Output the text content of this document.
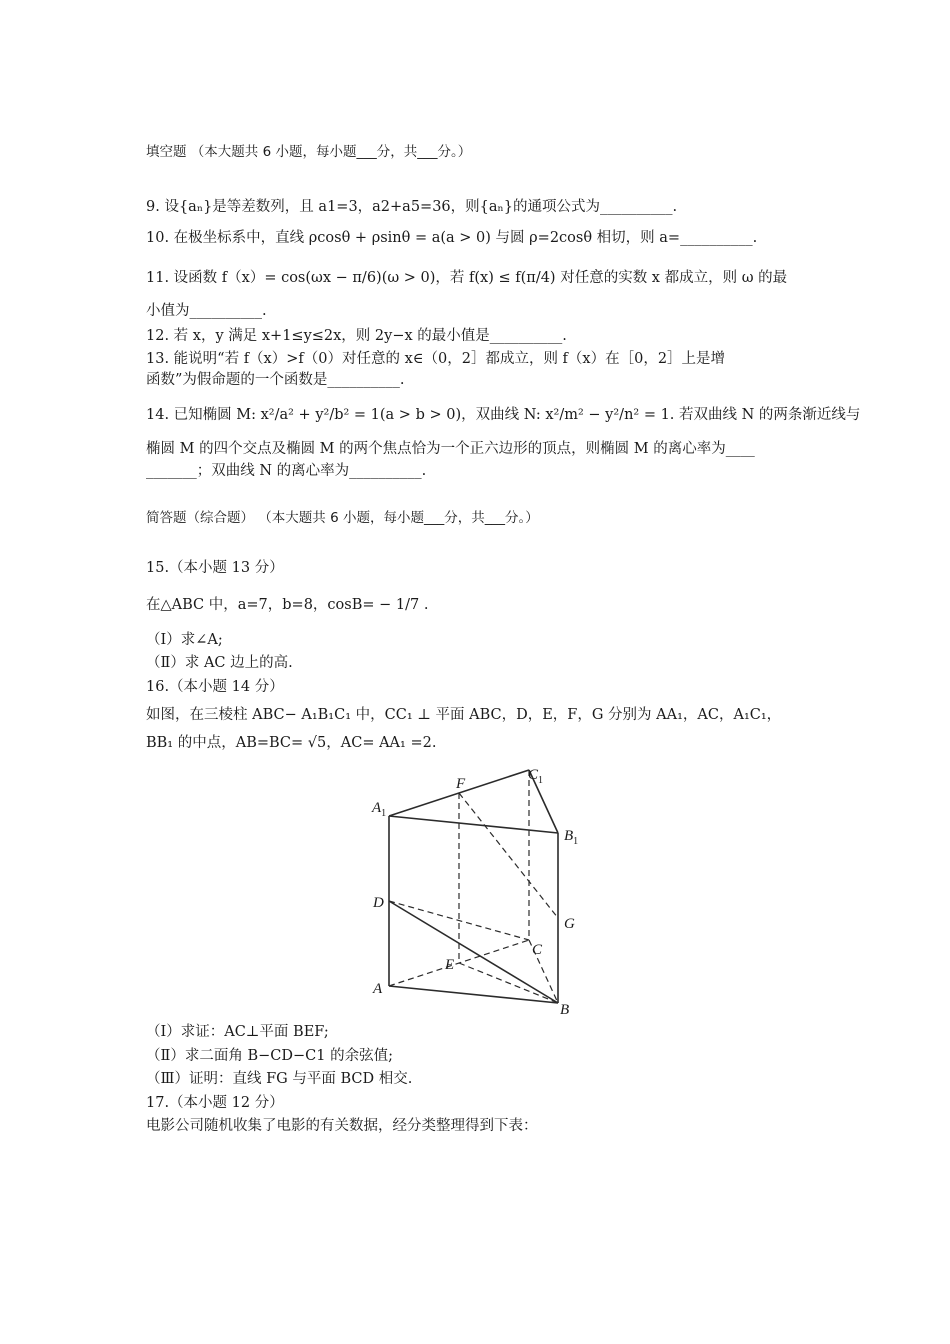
填空题 （本大题共 6 小题，每小题___分，共___分。）
9. 设{aₙ}是等差数列，且 a1=3，a2+a5=36，则{aₙ}的通项公式为__________.
10. 在极坐标系中，直线 ρcosθ + ρsinθ = a(a > 0) 与圆 ρ=2cosθ 相切，则 a=__________.
11. 设函数 f（x）= cos(ωx − π/6)(ω > 0)，若 f(x) ≤ f(π/4) 对任意的实数 x 都成立，则 ω 的最
小值为__________.
12. 若 x，y 满足 x+1≤y≤2x，则 2y−x 的最小值是__________.
13. 能说明“若 f（x）>f（0）对任意的 x∈（0，2］都成立，则 f（x）在［0，2］上是增
函数”为假命题的一个函数是__________.
14. 已知椭圆 M: x²/a² + y²/b² = 1(a > b > 0)，双曲线 N: x²/m² − y²/n² = 1. 若双曲线 N 的两条渐近线与
椭圆 M 的四个交点及椭圆 M 的两个焦点恰为一个正六边形的顶点，则椭圆 M 的离心率为____
_______；双曲线 N 的离心率为__________.
简答题（综合题） （本大题共 6 小题，每小题___分，共___分。）
15.（本小题 13 分）
在△ABC 中，a=7，b=8，cosB= − 1/7 .
（Ⅰ）求∠A;
（Ⅱ）求 AC 边上的高.
16.（本小题 14 分）
如图，在三棱柱 ABC− A₁B₁C₁ 中，CC₁ ⊥ 平面 ABC，D，E，F，G 分别为 AA₁，AC，A₁C₁，
BB₁ 的中点，AB=BC= √5，AC= AA₁ =2.
$A_1$
F
$C_1$
$B_1$
D
G
C
E
A
B
（Ⅰ）求证：AC⊥平面 BEF;
（Ⅱ）求二面角 B−CD−C1 的余弦值;
（Ⅲ）证明：直线 FG 与平面 BCD 相交.
17.（本小题 12 分）
电影公司随机收集了电影的有关数据，经分类整理得到下表：
